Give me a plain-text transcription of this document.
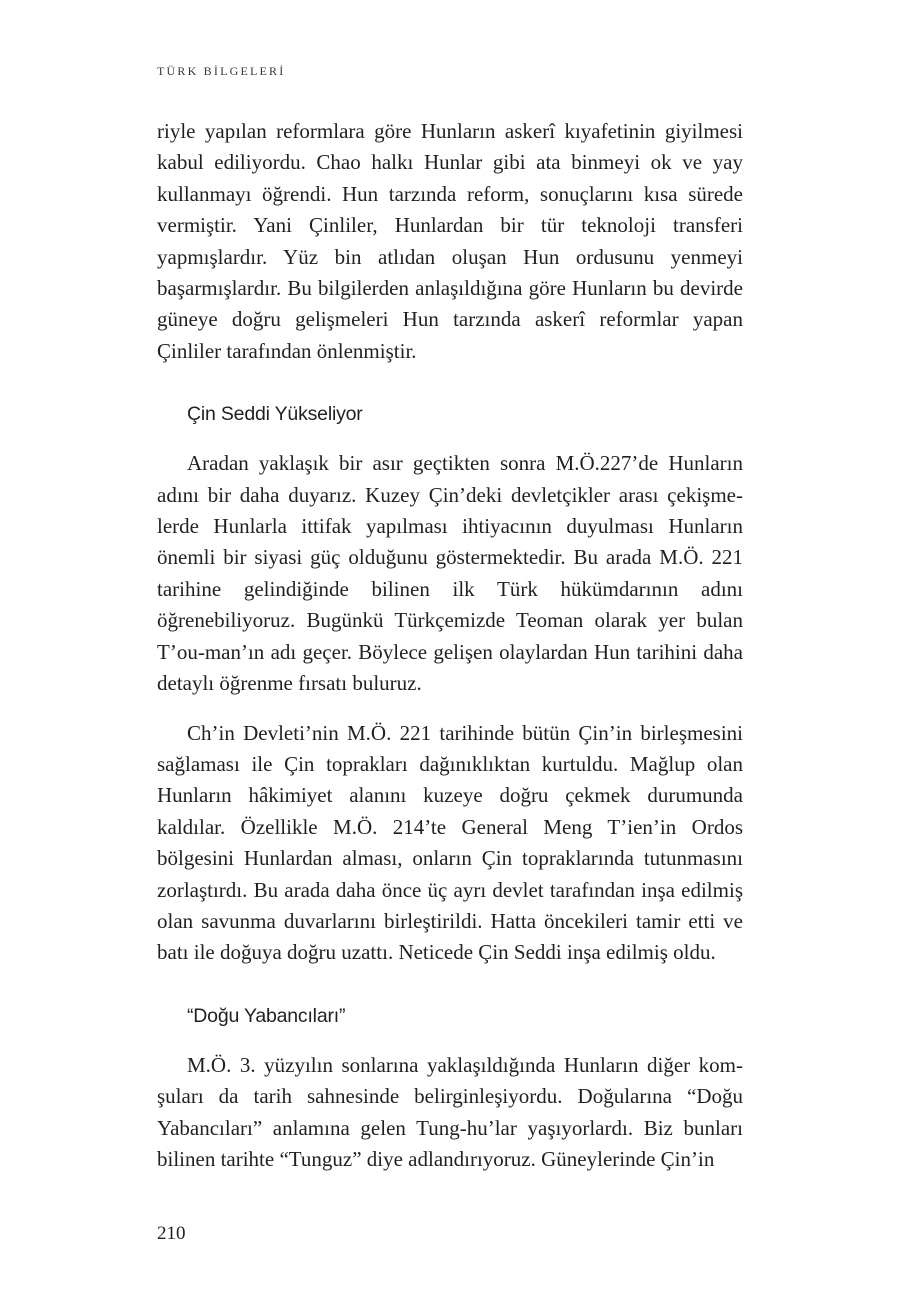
TÜRK BİLGELERİ

riyle yapılan reformlara göre Hunların askerî kıyafetinin giyilmesi kabul ediliyordu. Chao halkı Hunlar gibi ata binmeyi ok ve yay kullanmayı öğrendi. Hun tarzında reform, sonuçlarını kısa sürede vermiştir. Yani Çinliler, Hunlardan bir tür teknoloji transferi yapmışlardır. Yüz bin atlıdan oluşan Hun ordusunu yenmeyi başarmışlardır. Bu bilgilerden anlaşıldığına göre Hunların bu devirde güneye doğru gelişmeleri Hun tarzında askerî reformlar yapan Çinliler tarafından önlenmiştir.

Çin Seddi Yükseliyor

Aradan yaklaşık bir asır geçtikten sonra M.Ö.227’de Hunların adını bir daha duyarız. Kuzey Çin’deki devletçikler arası çekişmelerde Hunlarla ittifak yapılması ihtiyacının duyulması Hunların önemli bir siyasi güç olduğunu göstermektedir. Bu arada M.Ö. 221 tarihine gelindiğinde bilinen ilk Türk hükümdarının adını öğrenebiliyoruz. Bugünkü Türkçemizde Teoman olarak yer bulan T’ou-man’ın adı geçer. Böylece gelişen olaylardan Hun tarihini daha detaylı öğrenme fırsatı buluruz.

Ch’in Devleti’nin M.Ö. 221 tarihinde bütün Çin’in birleşmesini sağlaması ile Çin toprakları dağınıklıktan kurtuldu. Mağlup olan Hunların hâkimiyet alanını kuzeye doğru çekmek durumunda kaldılar. Özellikle M.Ö. 214’te General Meng T’ien’in Ordos bölgesini Hunlardan alması, onların Çin topraklarında tutunmasını zorlaştırdı. Bu arada daha önce üç ayrı devlet tarafından inşa edilmiş olan savunma duvarlarını birleştirildi. Hatta öncekileri tamir etti ve batı ile doğuya doğru uzattı. Neticede Çin Seddi inşa edilmiş oldu.

“Doğu Yabancıları”

M.Ö. 3. yüzyılın sonlarına yaklaşıldığında Hunların diğer komşuları da tarih sahnesinde belirginleşiyordu. Doğularına “Doğu Yabancıları” anlamına gelen Tung-hu’lar yaşıyorlardı. Biz bunları bilinen tarihte “Tunguz” diye adlandırıyoruz. Güneylerinde Çin’in

210
